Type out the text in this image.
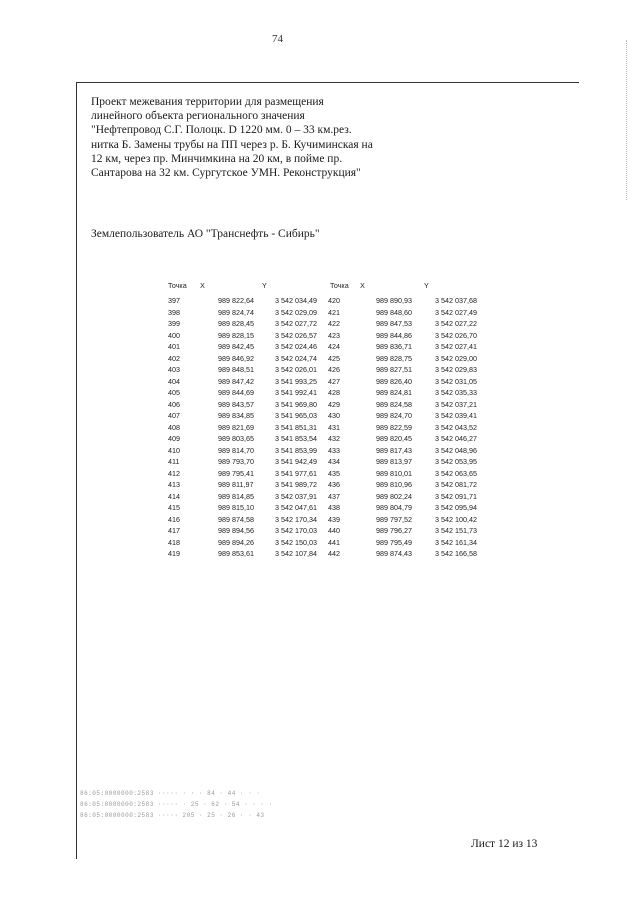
74
Проект межевания территории для размещения
линейного объекта регионального значения
"Нефтепровод С.Г. Полоцк. D 1220 мм. 0 – 33 км.рез.
нитка Б. Замены трубы на ПП через р. Б. Кучиминская на
12 км, через пр. Минчимкина на 20 км, в пойме пр.
Сантарова на 32 км. Сургутское УМН. Реконструкция"
Землепользователь АО "Транснефть - Сибирь"
Точка X	Y
397	989 822,64	3 542 034,49
398	989 824,74	3 542 029,09
399	989 828,45	3 542 027,72
400	989 828,15	3 542 026,57
401	989 842,45	3 542 024,46
402	989 846,92	3 542 024,74
403	989 848,51	3 542 026,01
404	989 847,42	3 541 993,25
405	989 844,69	3 541 992,41
406	989 843,57	3 541 969,80
407	989 834,85	3 541 965,03
408	989 821,69	3 541 851,31
409	989 803,65	3 541 853,54
410	989 814,70	3 541 853,99
411	989 793,70	3 541 942,49
412	989 795,41	3 541 977,61
413	989 811,97	3 541 989,72
414	989 814,85	3 542 037,91
415	989 815,10	3 542 047,61
416	989 874,58	3 542 170,34
417	989 894,56	3 542 170,03
418	989 894,26	3 542 150,03
419	989 853,61	3 542 107,84
Точка X	Y
420	989 890,93	3 542 037,68
421	989 848,60	3 542 027,49
422	989 847,53	3 542 027,22
423	989 844,86	3 542 026,70
424	989 836,71	3 542 027,41
425	989 828,75	3 542 029,00
426	989 827,51	3 542 029,83
427	989 826,40	3 542 031,05
428	989 824,81	3 542 035,33
429	989 824,58	3 542 037,21
430	989 824,70	3 542 039,41
431	989 822,59	3 542 043,52
432	989 820,45	3 542 046,27
433	989 817,43	3 542 048,96
434	989 813,97	3 542 053,95
435	989 810,01	3 542 063,65
436	989 810,96	3 542 081,72
437	989 802,24	3 542 091,71
438	989 804,79	3 542 095,94
439	989 797,52	3 542 100,42
440	989 796,27	3 542 151,73
441	989 795,49	3 542 161,34
442	989 874,43	3 542 166,58
86:05:0000000:2583 ····· · · · 84 · 44 · · ·
86:05:0000000:2583 ····· · 25 · 62 · 54 · · · ·
86:05:0000000:2583 ····· 205 · 25 · 26 · · 43
Лист 12 из 13
